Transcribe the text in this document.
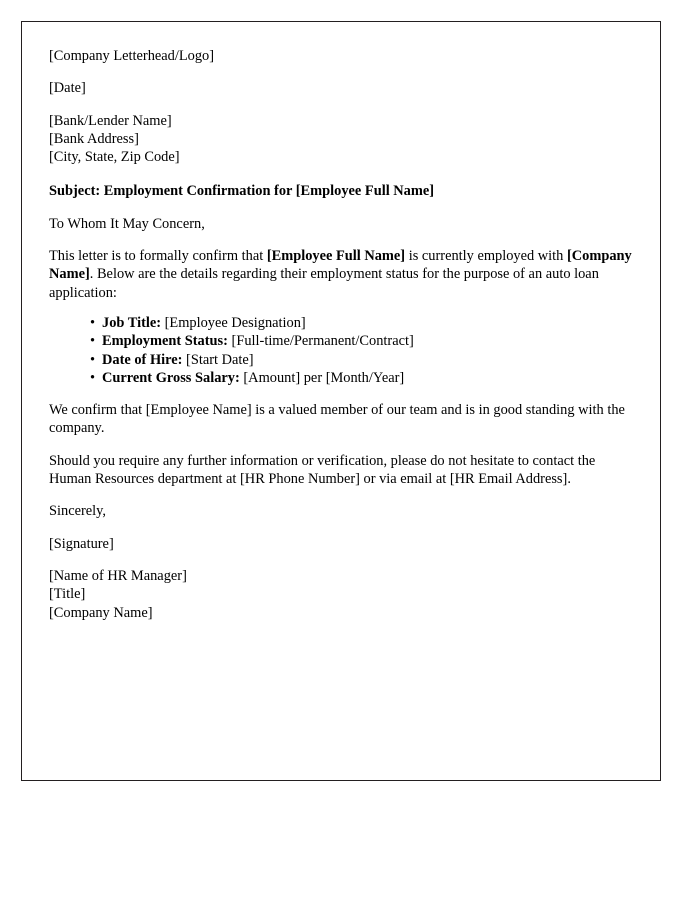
[Company Letterhead/Logo]
[Date]
[Bank/Lender Name]
[Bank Address]
[City, State, Zip Code]
Subject: Employment Confirmation for [Employee Full Name]
To Whom It May Concern,

This letter is to formally confirm that [Employee Full Name] is currently employed with [Company Name]. Below are the details regarding their employment status for the purpose of an auto loan application:

• Job Title: [Employee Designation]
• Employment Status: [Full-time/Permanent/Contract]
• Date of Hire: [Start Date]
• Current Gross Salary: [Amount] per [Month/Year]

We confirm that [Employee Name] is a valued member of our team and is in good standing with the company.

Should you require any further information or verification, please do not hesitate to contact the Human Resources department at [HR Phone Number] or via email at [HR Email Address].

Sincerely,
[Signature]
[Name of HR Manager]
[Title]
[Company Name]
